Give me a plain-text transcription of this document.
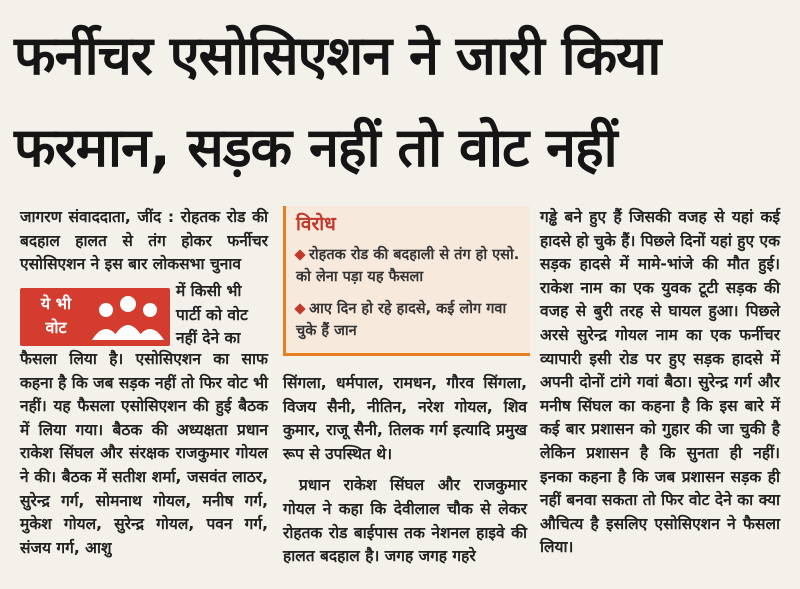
फर्नीचर एसोसिएशन ने जारी किया
फरमान, सड़क नहीं तो वोट नहीं

जागरण संवाददाता, जींद : रोहतक रोड की बदहाल हालत से तंग होकर फर्नीचर एसोसिएशन ने इस बार लोकसभा चुनाव

ये भी
वोट
में किसी भी पार्टी को वोट नहीं देने का

फैसला लिया है। एसोसिएशन का साफ कहना है कि जब सड़क नहीं तो फिर वोट भी नहीं। यह फैसला एसोसिएशन की हुई बैठक में लिया गया। बैठक की अध्यक्षता प्रधान राकेश सिंघल और संरक्षक राजकुमार गोयल ने की। बैठक में सतीश शर्मा, जसवंत लाठर, सुरेन्द्र गर्ग, सोमनाथ गोयल, मनीष गर्ग, मुकेश गोयल, सुरेन्द्र गोयल, पवन गर्ग, संजय गर्ग, आशु

विरोध
रोहतक रोड की बदहाली से तंग हो एसो. को लेना पड़ा यह फैसला
आए दिन हो रहे हादसे, कई लोग गवा चुके हैं जान

सिंगला, धर्मपाल, रामधन, गौरव सिंगला, विजय सैनी, नीतिन, नरेश गोयल, शिव कुमार, राजू सैनी, तिलक गर्ग इत्यादि प्रमुख रूप से उपस्थित थे।

प्रधान राकेश सिंघल और राजकुमार गोयल ने कहा कि देवीलाल चौक से लेकर रोहतक रोड बाईपास तक नेशनल हाइवे की हालत बदहाल है। जगह जगह गहरे

गड्ढे बने हुए हैं जिसकी वजह से यहां कई हादसे हो चुके हैं। पिछले दिनों यहां हुए एक सड़क हादसे में मामे-भांजे की मौत हुई। राकेश नाम का एक युवक टूटी सड़क की वजह से बुरी तरह से घायल हुआ। पिछले अरसे सुरेन्द्र गोयल नाम का एक फर्नीचर व्यापारी इसी रोड पर हुए सड़क हादसे में अपनी दोनों टांगे गवां बैठा। सुरेन्द्र गर्ग और मनीष सिंघल का कहना है कि इस बारे में कई बार प्रशासन को गुहार की जा चुकी है लेकिन प्रशासन है कि सुनता ही नहीं। इनका कहना है कि जब प्रशासन सड़क ही नहीं बनवा सकता तो फिर वोट देने का क्या औचित्य है इसलिए एसोसिएशन ने फैसला लिया।
